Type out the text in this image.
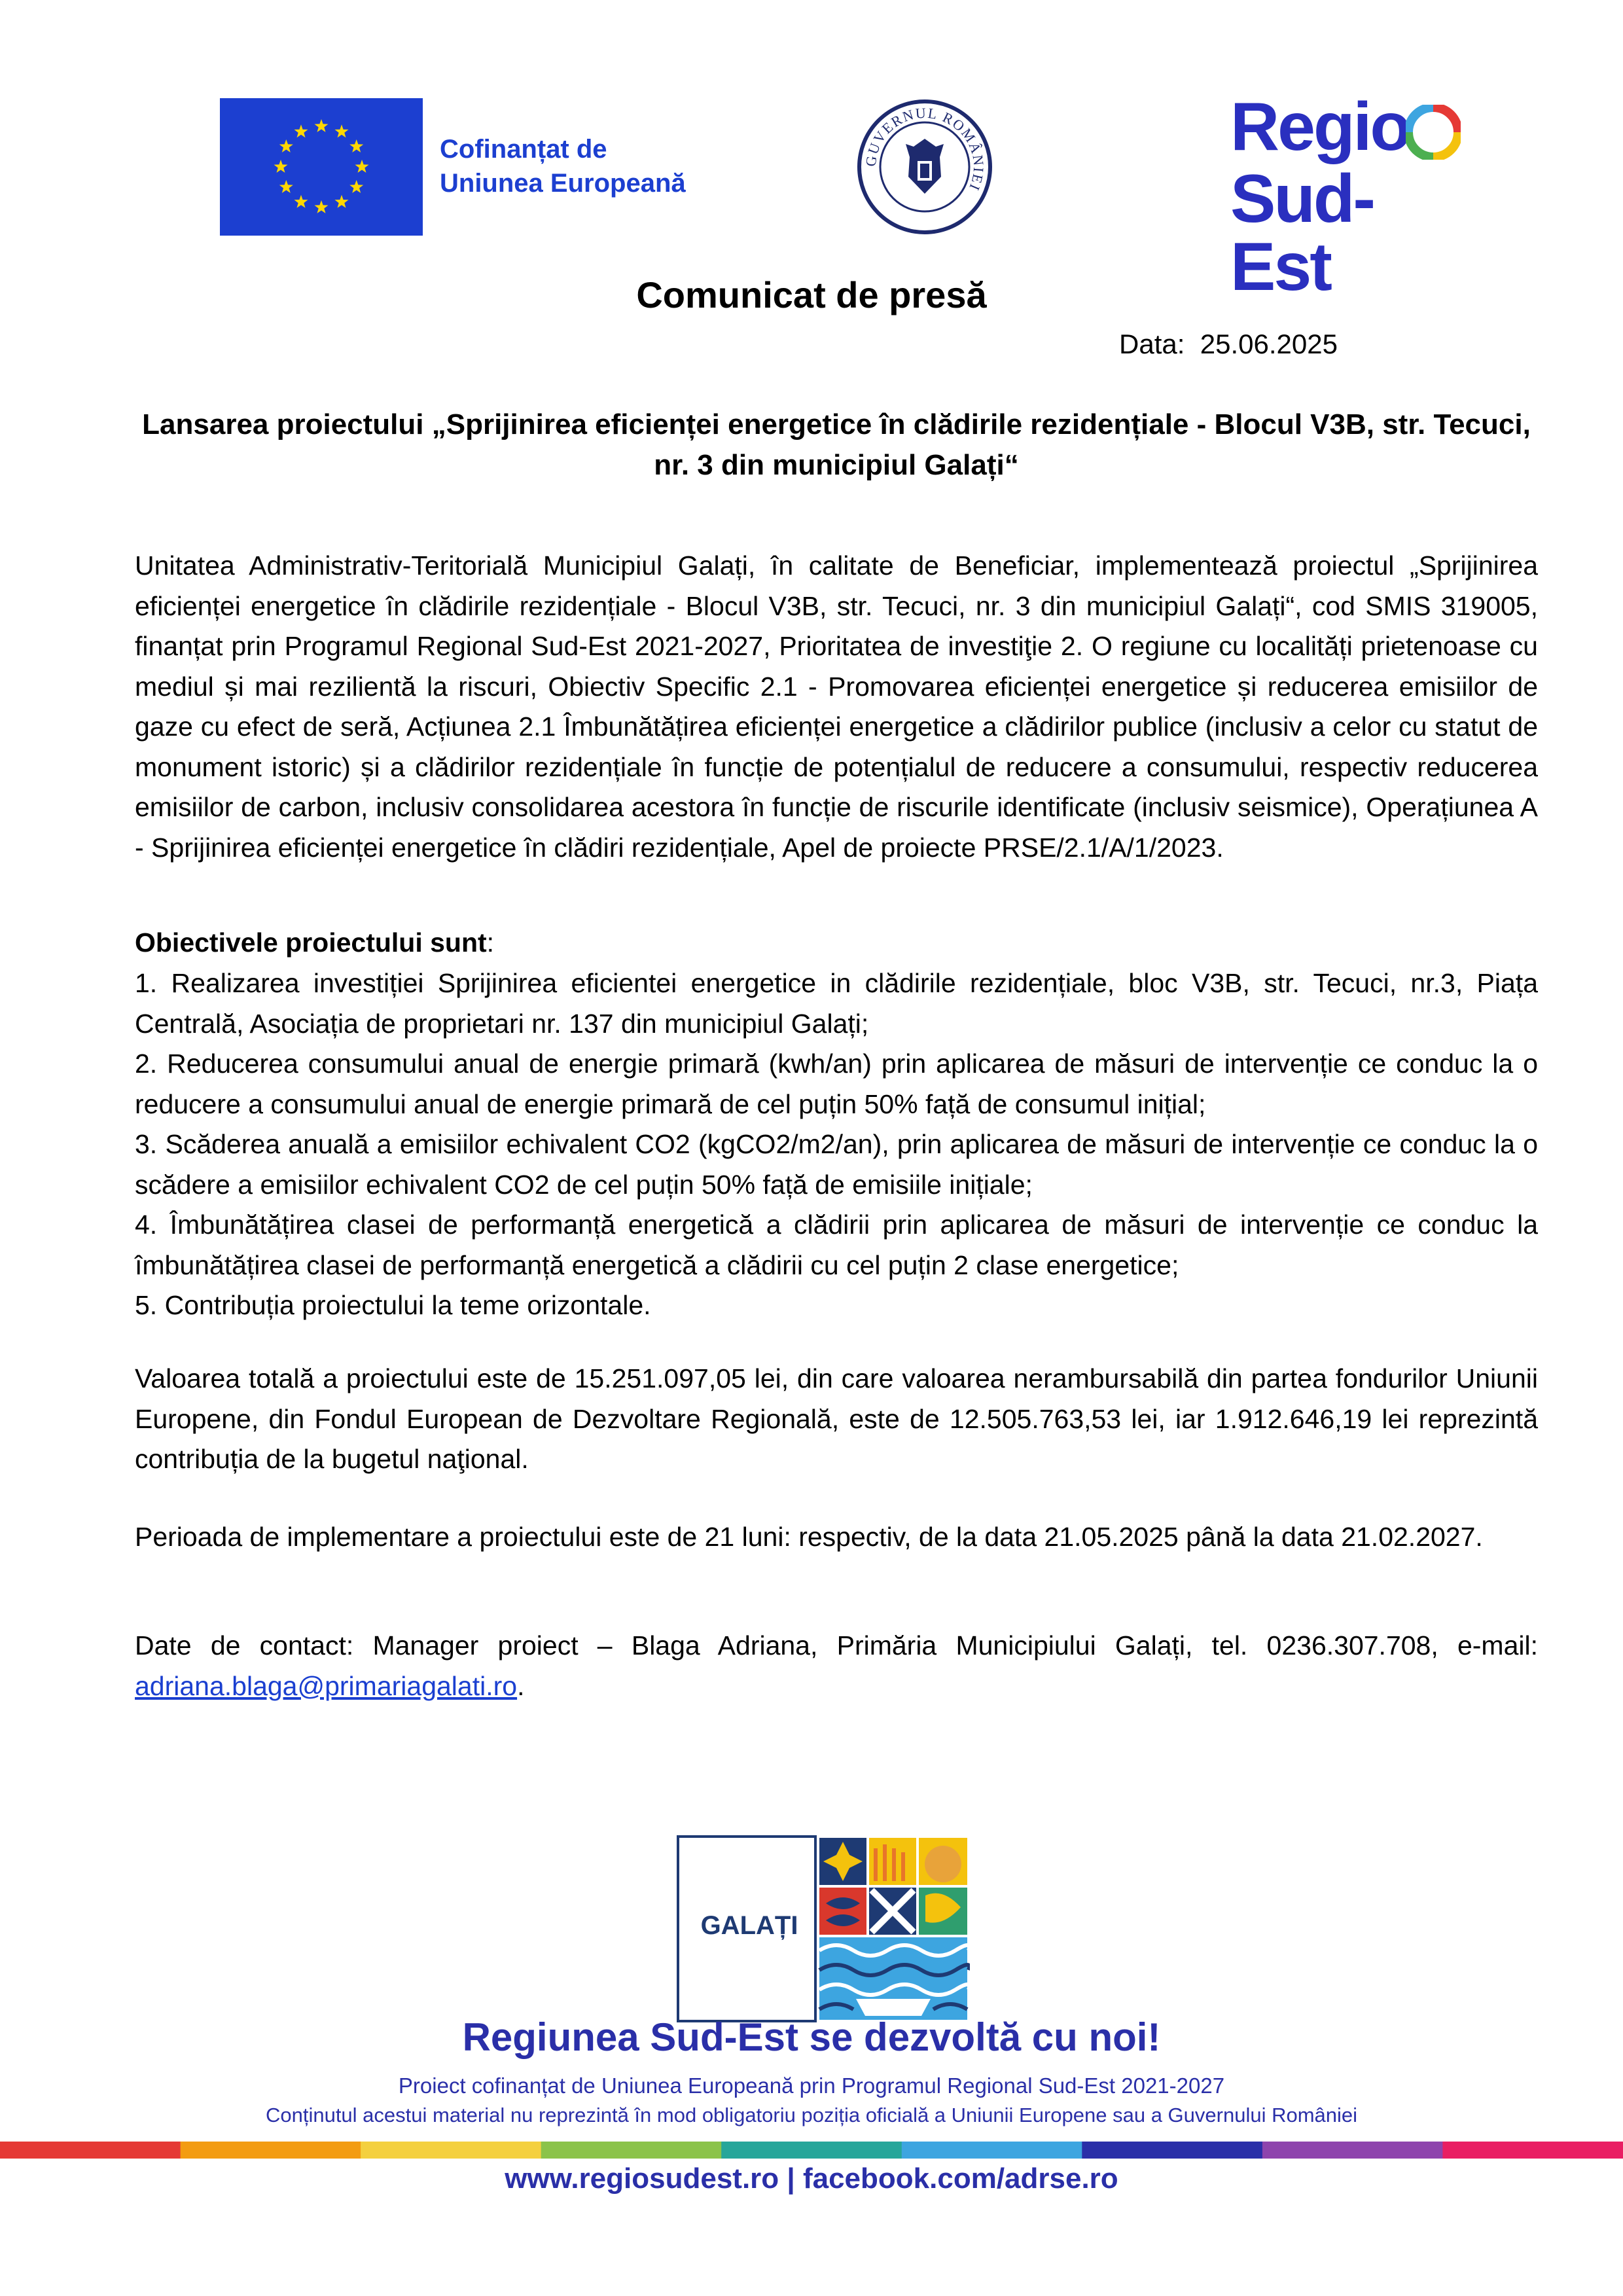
Cofinanțat de
Uniunea Europeană
GUVERNUL ROMÂNIEI
Regio
Sud-Est
Comunicat de presă
Data: 25.06.2025
Lansarea proiectului „Sprijinirea eficienței energetice în clădirile rezidențiale - Blocul V3B, str. Tecuci, nr. 3 din municipiul Galați“
Unitatea Administrativ-Teritorială Municipiul Galați, în calitate de Beneficiar, implementează proiectul „Sprijinirea eficienței energetice în clădirile rezidențiale - Blocul V3B, str. Tecuci, nr. 3 din municipiul Galați“, cod SMIS 319005, finanțat prin Programul Regional Sud-Est 2021-2027, Prioritatea de investiţie 2. O regiune cu localități prietenoase cu mediul și mai rezilientă la riscuri, Obiectiv Specific 2.1 - Promovarea eficienței energetice și reducerea emisiilor de gaze cu efect de seră, Acțiunea 2.1 Îmbunătățirea eficienței energetice a clădirilor publice (inclusiv a celor cu statut de monument istoric) și a clădirilor rezidențiale în funcție de potențialul de reducere a consumului, respectiv reducerea emisiilor de carbon, inclusiv consolidarea acestora în funcție de riscurile identificate (inclusiv seismice), Operațiunea A - Sprijinirea eficienței energetice în clădiri rezidențiale, Apel de proiecte PRSE/2.1/A/1/2023.
Obiectivele proiectului sunt:
1. Realizarea investiției Sprijinirea eficientei energetice in clădirile rezidențiale, bloc V3B, str. Tecuci, nr.3, Piața Centrală, Asociația de proprietari nr. 137 din municipiul Galați;
2. Reducerea consumului anual de energie primară (kwh/an) prin aplicarea de măsuri de intervenție ce conduc la o reducere a consumului anual de energie primară de cel puțin 50% față de consumul inițial;
3. Scăderea anuală a emisiilor echivalent CO2 (kgCO2/m2/an), prin aplicarea de măsuri de intervenție ce conduc la o scădere a emisiilor echivalent CO2 de cel puțin 50% față de emisiile inițiale;
4. Îmbunătățirea clasei de performanță energetică a clădirii prin aplicarea de măsuri de intervenție ce conduc la îmbunătățirea clasei de performanță energetică a clădirii cu cel puțin 2 clase energetice;
5. Contribuția proiectului la teme orizontale.
Valoarea totală a proiectului este de 15.251.097,05 lei, din care valoarea nerambursabilă din partea fondurilor Uniunii Europene, din Fondul European de Dezvoltare Regională, este de 12.505.763,53 lei, iar 1.912.646,19 lei reprezintă contribuția de la bugetul naţional.
Perioada de implementare a proiectului este de 21 luni: respectiv, de la data 21.05.2025 până la data 21.02.2027.
Date de contact: Manager proiect – Blaga Adriana, Primăria Municipiului Galați, tel. 0236.307.708, e-mail: adriana.blaga@primariagalati.ro.
GALAȚI
Regiunea Sud-Est se dezvoltă cu noi!
Proiect cofinanțat de Uniunea Europeană prin Programul Regional Sud-Est 2021-2027
Conținutul acestui material nu reprezintă în mod obligatoriu poziția oficială a Uniunii Europene sau a Guvernului României
www.regiosudest.ro | facebook.com/adrse.ro
